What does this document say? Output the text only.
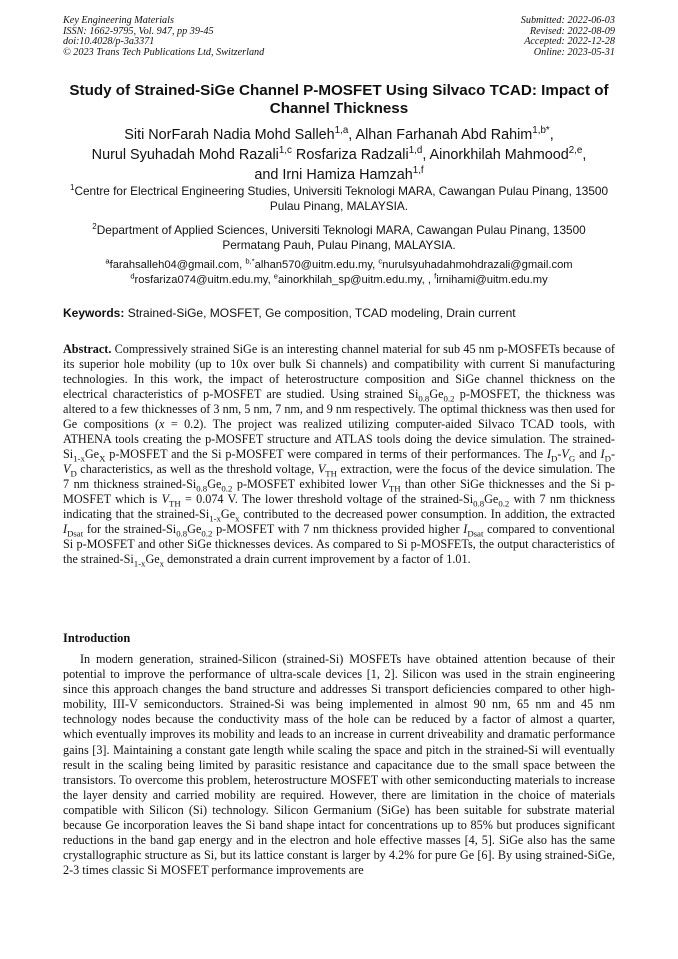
Key Engineering Materials
ISSN: 1662-9795, Vol. 947, pp 39-45
doi:10.4028/p-3a3371
© 2023 Trans Tech Publications Ltd, Switzerland
Submitted: 2022-06-03
Revised: 2022-08-09
Accepted: 2022-12-28
Online: 2023-05-31
Study of Strained-SiGe Channel P-MOSFET Using Silvaco TCAD: Impact of Channel Thickness
Siti NorFarah Nadia Mohd Salleh$^{1,a}$, Alhan Farhanah Abd Rahim$^{1,b*}$,
Nurul Syuhadah Mohd Razali$^{1,c}$ Rosfariza Radzali$^{1,d}$, Ainorkhilah Mahmood$^{2,e}$,
and Irni Hamiza Hamzah$^{1,f}$
$^1$Centre for Electrical Engineering Studies, Universiti Teknologi MARA, Cawangan Pulau Pinang, 13500 Pulau Pinang, MALAYSIA.
$^2$Department of Applied Sciences, Universiti Teknologi MARA, Cawangan Pulau Pinang, 13500 Permatang Pauh, Pulau Pinang, MALAYSIA.
$^a$farahsalleh04@gmail.com, $^{b,*}$alhan570@uitm.edu.my, $^c$nurulsyuhadahmohdrazali@gmail.com
$^d$rosfariza074@uitm.edu.my, $^e$ainorkhilah_sp@uitm.edu.my, , $^f$irnihami@uitm.edu.my
Keywords: Strained-SiGe, MOSFET, Ge composition, TCAD modeling, Drain current
Abstract. Compressively strained SiGe is an interesting channel material for sub 45 nm p-MOSFETs because of its superior hole mobility (up to 10x over bulk Si channels) and compatibility with current Si manufacturing technologies. In this work, the impact of heterostructure composition and SiGe channel thickness on the electrical characteristics of p-MOSFET are studied. Using strained $Si_{0.8}Ge_{0.2}$ p-MOSFET, the thickness was altered to a few thicknesses of 3 nm, 5 nm, 7 nm, and 9 nm respectively. The optimal thickness was then used for Ge compositions (x = 0.2). The project was realized utilizing computer-aided Silvaco TCAD tools, with ATHENA tools creating the p-MOSFET structure and ATLAS tools doing the device simulation. The strained-$Si_{1-x}Ge_X$ p-MOSFET and the Si p-MOSFET were compared in terms of their performances. The $I_D-V_G$ and $I_D-V_D$ characteristics, as well as the threshold voltage, $V_{TH}$ extraction, were the focus of the device simulation. The 7 nm thickness strained-$Si_{0.8}Ge_{0.2}$ p-MOSFET exhibited lower $V_{TH}$ than other SiGe thicknesses and the Si p-MOSFET which is $V_{TH} = 0.074$ V. The lower threshold voltage of the strained-$Si_{0.8}Ge_{0.2}$ with 7 nm thickness indicating that the strained-$Si_{1-x}Ge_x$ contributed to the decreased power consumption. In addition, the extracted $I_{Dsat}$ for the strained-$Si_{0.8}Ge_{0.2}$ p-MOSFET with 7 nm thickness provided higher $I_{Dsat}$ compared to conventional Si p-MOSFET and other SiGe thicknesses devices. As compared to Si p-MOSFETs, the output characteristics of the strained-$Si_{1-x}Ge_x$ demonstrated a drain current improvement by a factor of 1.01.
Introduction
In modern generation, strained-Silicon (strained-Si) MOSFETs have obtained attention because of their potential to improve the performance of ultra-scale devices [1, 2]. Silicon was used in the strain engineering since this approach changes the band structure and addresses Si transport deficiencies compared to other high-mobility, III-V semiconductors. Strained-Si was being implemented in almost 90 nm, 65 nm and 45 nm technology nodes because the conductivity mass of the hole can be reduced by a factor of almost a quarter, which eventually improves its mobility and leads to an increase in current driveability and dramatic performance gains [3]. Maintaining a constant gate length while scaling the space and pitch in the strained-Si will eventually result in the scaling being limited by parasitic resistance and capacitance due to the small space between the transistors. To overcome this problem, heterostructure MOSFET with other semiconducting materials to increase the layer density and carried mobility are required. However, there are limitation in the choice of materials compatible with Silicon (Si) technology. Silicon Germanium (SiGe) has been suitable for substrate material because Ge incorporation leaves the Si band shape intact for concentrations up to 85% but produces significant reductions in the band gap energy and in the electron and hole effective masses [4, 5]. SiGe also has the same crystallographic structure as Si, but its lattice constant is larger by 4.2% for pure Ge [6]. By using strained-SiGe, 2-3 times classic Si MOSFET performance improvements are
